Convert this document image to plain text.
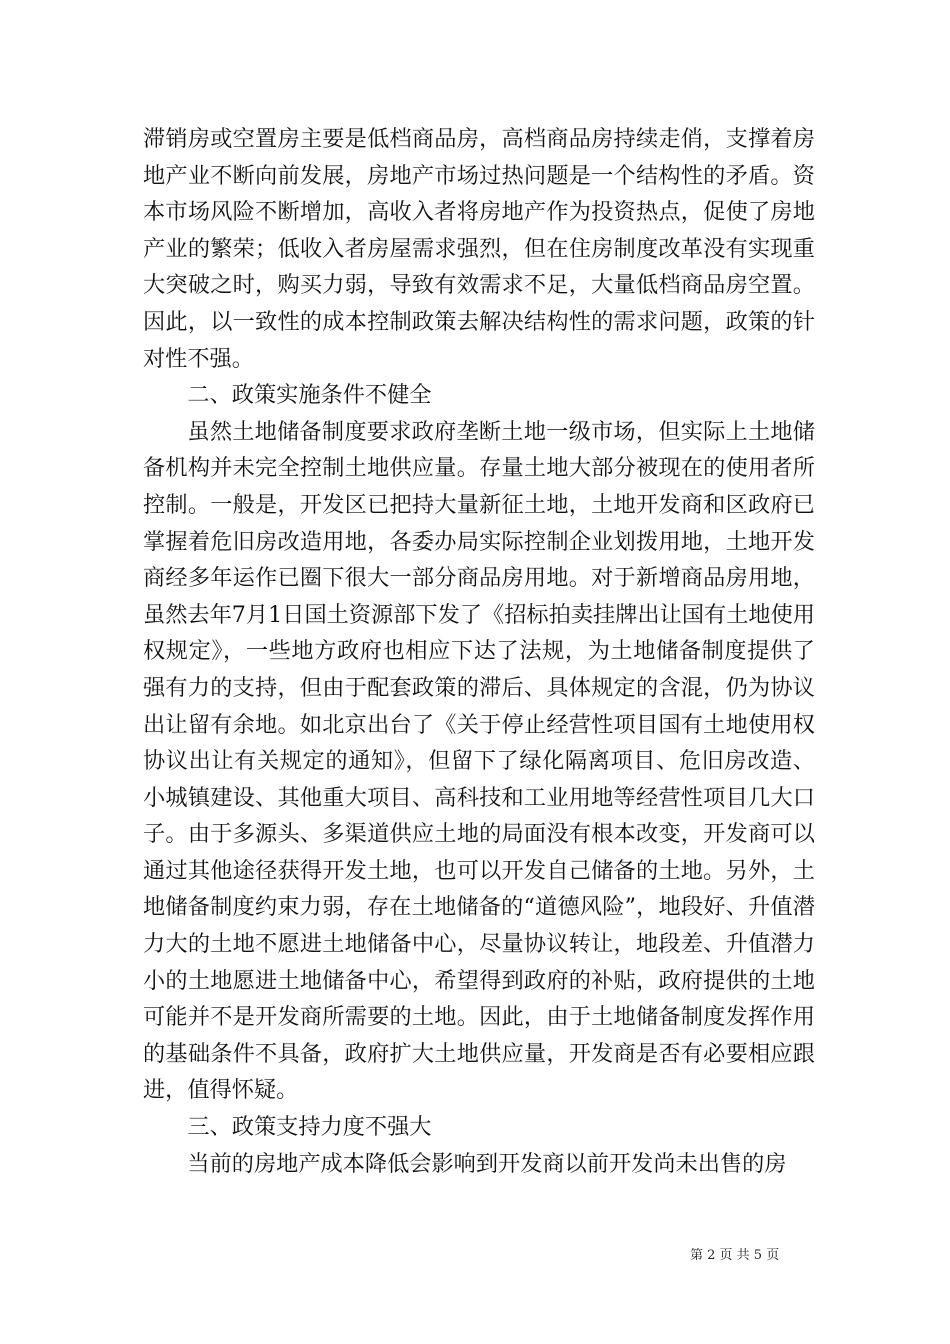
滞销房或空置房主要是低档商品房，高档商品房持续走俏，支撑着房地产业不断向前发展，房地产市场过热问题是一个结构性的矛盾。资本市场风险不断增加，高收入者将房地产作为投资热点，促使了房地产业的繁荣；低收入者房屋需求强烈，但在住房制度改革没有实现重大突破之时，购买力弱，导致有效需求不足，大量低档商品房空置。因此，以一致性的成本控制政策去解决结构性的需求问题，政策的针对性不强。

二、政策实施条件不健全

虽然土地储备制度要求政府垄断土地一级市场，但实际上土地储备机构并未完全控制土地供应量。存量土地大部分被现在的使用者所控制。一般是，开发区已把持大量新征土地，土地开发商和区政府已掌握着危旧房改造用地，各委办局实际控制企业划拨用地，土地开发商经多年运作已圈下很大一部分商品房用地。对于新增商品房用地，虽然去年7月1日国土资源部下发了《招标拍卖挂牌出让国有土地使用权规定》，一些地方政府也相应下达了法规，为土地储备制度提供了强有力的支持，但由于配套政策的滞后、具体规定的含混，仍为协议出让留有余地。如北京出台了《关于停止经营性项目国有土地使用权协议出让有关规定的通知》，但留下了绿化隔离项目、危旧房改造、小城镇建设、其他重大项目、高科技和工业用地等经营性项目几大口子。由于多源头、多渠道供应土地的局面没有根本改变，开发商可以通过其他途径获得开发土地，也可以开发自己储备的土地。另外，土地储备制度约束力弱，存在土地储备的“道德风险”，地段好、升值潜力大的土地不愿进土地储备中心，尽量协议转让，地段差、升值潜力小的土地愿进土地储备中心，希望得到政府的补贴，政府提供的土地可能并不是开发商所需要的土地。因此，由于土地储备制度发挥作用的基础条件不具备，政府扩大土地供应量，开发商是否有必要相应跟进，值得怀疑。

三、政策支持力度不强大

当前的房地产成本降低会影响到开发商以前开发尚未出售的房

第 2 页 共 5 页
